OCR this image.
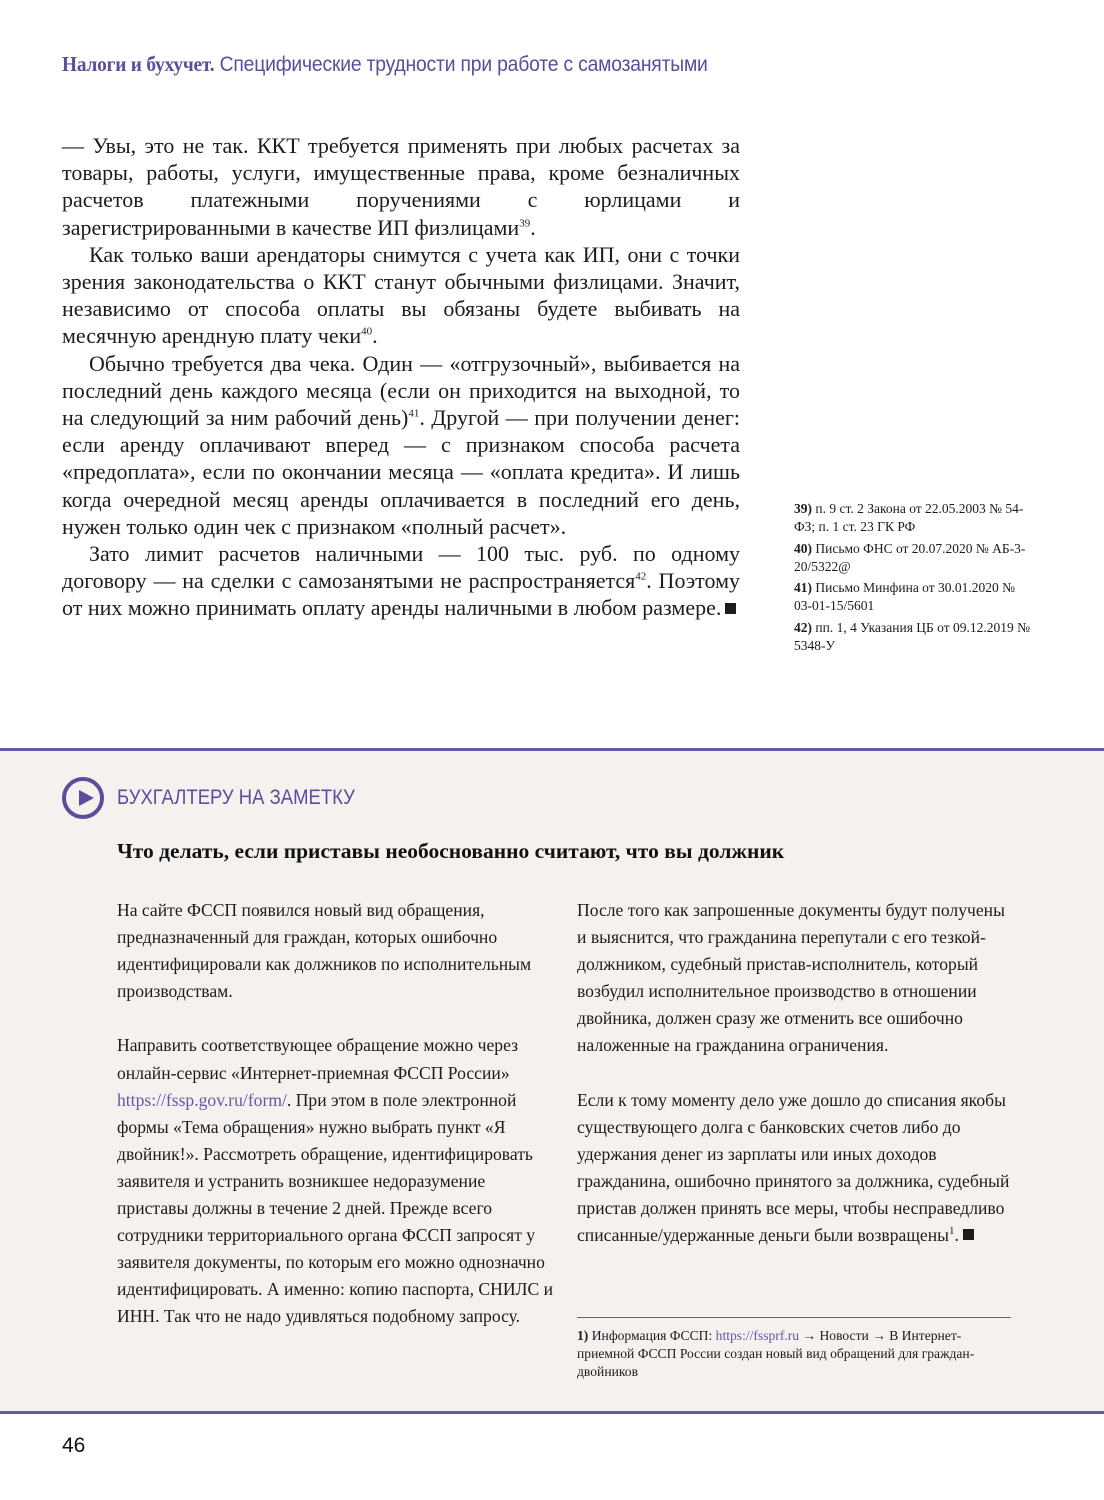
Налоги и бухучет. Специфические трудности при работе с самозанятыми

— Увы, это не так. ККТ требуется применять при любых расчетах за товары, работы, услуги, имущественные права, кроме безналичных расчетов платежными поручениями с юрлицами и зарегистрированными в качестве ИП физлицами$^{39}$.

Как только ваши арендаторы снимутся с учета как ИП, они с точки зрения законодательства о ККТ станут обычными физлицами. Значит, независимо от способа оплаты вы обязаны будете выбивать на месячную арендную плату чеки$^{40}$.

Обычно требуется два чека. Один — «отгрузочный», выбивается на последний день каждого месяца (если он приходится на выходной, то на следующий за ним рабочий день)$^{41}$. Другой — при получении денег: если аренду оплачивают вперед — с признаком способа расчета «предоплата», если по окончании месяца — «оплата кредита». И лишь когда очередной месяц аренды оплачивается в последний его день, нужен только один чек с признаком «полный расчет».

Зато лимит расчетов наличными — 100 тыс. руб. по одному договору — на сделки с самозанятыми не распространяется$^{42}$. Поэтому от них можно принимать оплату аренды наличными в любом размере.

39) п. 9 ст. 2 Закона от 22.05.2003 № 54-ФЗ; п. 1 ст. 23 ГК РФ
40) Письмо ФНС от 20.07.2020 № АБ-3-20/5322@
41) Письмо Минфина от 30.01.2020 № 03-01-15/5601
42) пп. 1, 4 Указания ЦБ от 09.12.2019 № 5348-У
БУХГАЛТЕРУ НА ЗАМЕТКУ
Что делать, если приставы необоснованно считают, что вы должник

На сайте ФССП появился новый вид обращения, предназначенный для граждан, которых ошибочно идентифицировали как должников по исполнительным производствам.

Направить соответствующее обращение можно через онлайн-сервис «Интернет-приемная ФССП России» https://fssp.gov.ru/form/. При этом в поле электронной формы «Тема обращения» нужно выбрать пункт «Я двойник!». Рассмотреть обращение, идентифицировать заявителя и устранить возникшее недоразумение приставы должны в течение 2 дней. Прежде всего сотрудники территориального органа ФССП запросят у заявителя документы, по которым его можно однозначно идентифицировать. А именно: копию паспорта, СНИЛС и ИНН. Так что не надо удивляться подобному запросу.

После того как запрошенные документы будут получены и выяснится, что гражданина перепутали с его тезкой-должником, судебный пристав-исполнитель, который возбудил исполнительное производство в отношении двойника, должен сразу же отменить все ошибочно наложенные на гражданина ограничения.

Если к тому моменту дело уже дошло до списания якобы существующего долга с банковских счетов либо до удержания денег из зарплаты или иных доходов гражданина, ошибочно принятого за должника, судебный пристав должен принять все меры, чтобы несправедливо списанные/удержанные деньги были возвращены$^1$.

1) Информация ФССП: https://fssprf.ru → Новости → В Интернет-приемной ФССП России создан новый вид обращений для граждан-двойников
46
